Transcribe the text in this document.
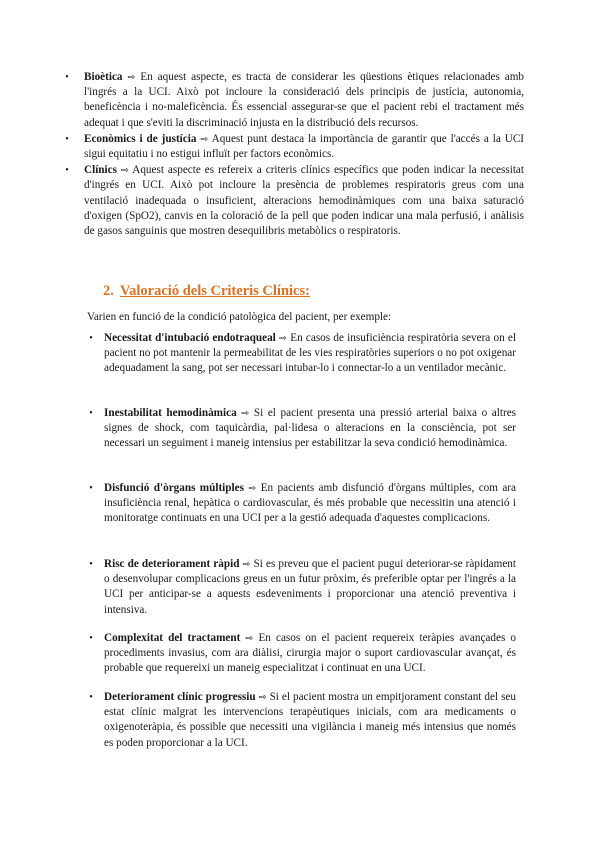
• Bioètica ⇨ En aquest aspecte, es tracta de considerar les qüestions ètiques relacionades amb l'ingrés a la UCI. Això pot incloure la consideració dels principis de justícia, autonomia, beneficència i no-maleficència. És essencial assegurar-se que el pacient rebi el tractament més adequat i que s'eviti la discriminació injusta en la distribució dels recursos.
• Econòmics i de justícia ⇨ Aquest punt destaca la importància de garantir que l'accés a la UCI sigui equitatiu i no estigui influït per factors econòmics.
• Clínics ⇨ Aquest aspecte es refereix a criteris clínics específics que poden indicar la necessitat d'ingrés en UCI. Això pot incloure la presència de problemes respiratoris greus com una ventilació inadequada o insuficient, alteracions hemodinàmiques com una baixa saturació d'oxigen (SpO2), canvis en la coloració de la pell que poden indicar una mala perfusió, i anàlisis de gasos sanguinis que mostren desequilibris metabòlics o respiratoris.
2. Valoració dels Criteris Clínics:

Varien en funció de la condició patològica del pacient, per exemple:

• Necessitat d'intubació endotraqueal ⇨ En casos de insuficiència respiratòria severa on el pacient no pot mantenir la permeabilitat de les vies respiratòries superiors o no pot oxigenar adequadament la sang, pot ser necessari intubar-lo i connectar-lo a un ventilador mecànic.
• Inestabilitat hemodinàmica ⇨ Si el pacient presenta una pressió arterial baixa o altres signes de shock, com taquicàrdia, pal·lidesa o alteracions en la consciència, pot ser necessari un seguiment i maneig intensius per estabilitzar la seva condició hemodinàmica.
• Disfunció d'òrgans múltiples ⇨ En pacients amb disfunció d'òrgans múltiples, com ara insuficiència renal, hepàtica o cardiovascular, és més probable que necessitin una atenció i monitoratge continuats en una UCI per a la gestió adequada d'aquestes complicacions.
• Risc de deteriorament ràpid ⇨ Si es preveu que el pacient pugui deteriorar-se ràpidament o desenvolupar complicacions greus en un futur pròxim, és preferible optar per l'ingrés a la UCI per anticipar-se a aquests esdeveniments i proporcionar una atenció preventiva i intensiva.
• Complexitat del tractament ⇨ En casos on el pacient requereix teràpies avançades o procediments invasius, com ara diàlisi, cirurgia major o suport cardiovascular avançat, és probable que requereixi un maneig especialitzat i continuat en una UCI.
• Deteriorament clínic progressiu ⇨ Si el pacient mostra un empitjorament constant del seu estat clínic malgrat les intervencions terapèutiques inicials, com ara medicaments o oxigenoteràpia, és possible que necessiti una vigilància i maneig més intensius que només es poden proporcionar a la UCI.
